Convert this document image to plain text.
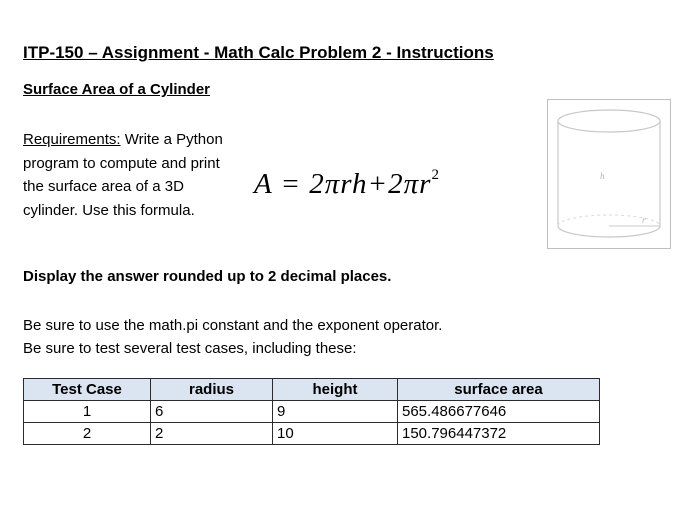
ITP-150 – Assignment - Math Calc Problem 2 - Instructions
Surface Area of a Cylinder
Requirements: Write a Python program to compute and print the surface area of a 3D cylinder. Use this formula.
$A = 2\pi rh+2\pi r^2$	h
r
Display the answer rounded up to 2 decimal places.
Be sure to use the math.pi constant and the exponent operator.
Be sure to test several test cases, including these:
Test Case	radius	height	surface area
1	6	9	565.486677646
2	2	10	150.796447372
